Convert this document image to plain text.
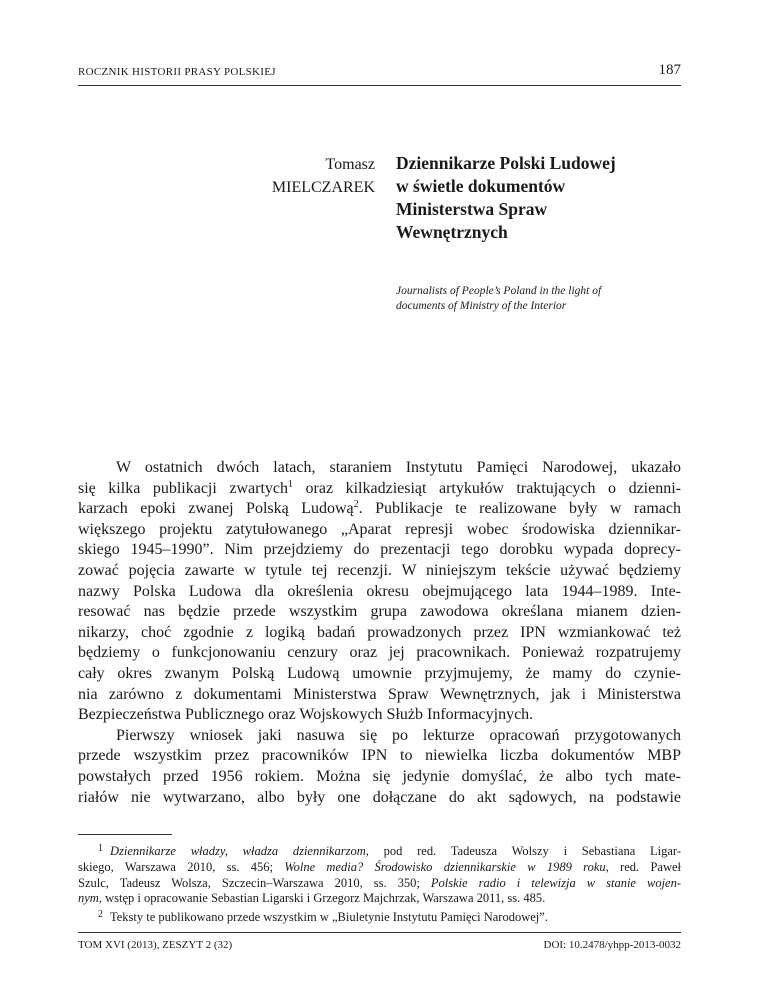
ROCZNIK HISTORII PRASY POLSKIEJ	187
Tomasz
MIELCZAREK
Dziennikarze Polski Ludowej
w świetle dokumentów
Ministerstwa Spraw
Wewnętrznych
Journalists of People’s Poland in the light of
documents of Ministry of the Interior

W ostatnich dwóch latach, staraniem Instytutu Pamięci Narodowej, ukazało
się kilka publikacji zwartych$^1$ oraz kilkadziesiąt artykułów traktujących o dzienni-
karzach epoki zwanej Polską Ludową$^2$. Publikacje te realizowane były w ramach
większego projektu zatytułowanego „Aparat represji wobec środowiska dziennikar-
skiego 1945–1990”. Nim przejdziemy do prezentacji tego dorobku wypada doprecy-
zować pojęcia zawarte w tytule tej recenzji. W niniejszym tekście używać będziemy
nazwy Polska Ludowa dla określenia okresu obejmującego lata 1944–1989. Inte-
resować nas będzie przede wszystkim grupa zawodowa określana mianem dzien-
nikarzy, choć zgodnie z logiką badań prowadzonych przez IPN wzmiankować też
będziemy o funkcjonowaniu cenzury oraz jej pracownikach. Ponieważ rozpatrujemy
cały okres zwanym Polską Ludową umownie przyjmujemy, że mamy do czynie-
nia zarówno z dokumentami Ministerstwa Spraw Wewnętrznych, jak i Ministerstwa
Bezpieczeństwa Publicznego oraz Wojskowych Służb Informacyjnych.

Pierwszy wniosek jaki nasuwa się po lekturze opracowań przygotowanych
przede wszystkim przez pracowników IPN to niewielka liczba dokumentów MBP
powstałych przed 1956 rokiem. Można się jedynie domyślać, że albo tych mate-
riałów nie wytwarzano, albo były one dołączane do akt sądowych, na podstawie

$^1$ Dziennikarze władzy, władza dziennikarzom, pod red. Tadeusza Wolszy i Sebastiana Ligar-
skiego, Warszawa 2010, ss. 456; Wolne media? Środowisko dziennikarskie w 1989 roku, red. Paweł
Szulc, Tadeusz Wolsza, Szczecin–Warszawa 2010, ss. 350; Polskie radio i telewizja w stanie wojen-
nym, wstęp i opracowanie Sebastian Ligarski i Grzegorz Majchrzak, Warszawa 2011, ss. 485.
$^2$ Teksty te publikowano przede wszystkim w „Biuletynie Instytutu Pamięci Narodowej”.
TOM XVI (2013), ZESZYT 2 (32)	DOI: 10.2478/yhpp-2013-0032
